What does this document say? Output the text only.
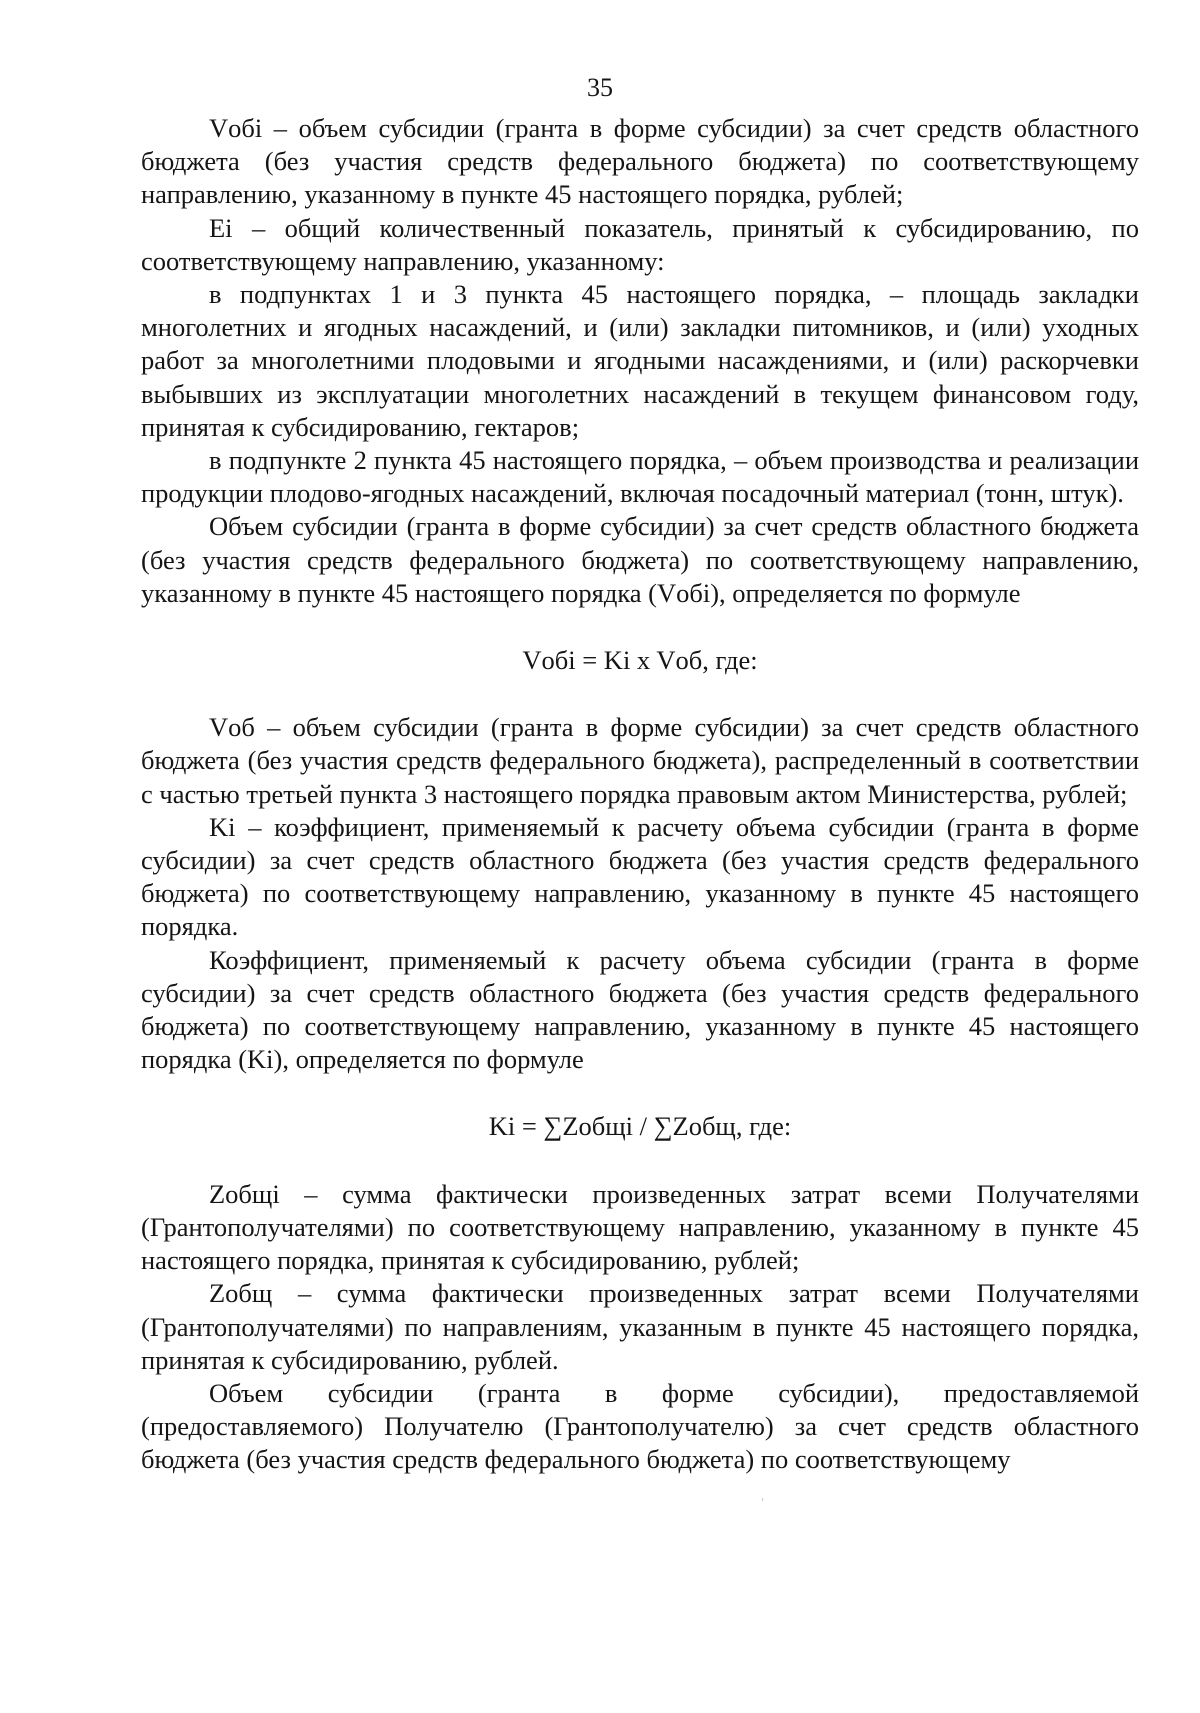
35

Vобi – объем субсидии (гранта в форме субсидии) за счет средств областного бюджета (без участия средств федерального бюджета) по соответствующему направлению, указанному в пункте 45 настоящего порядка, рублей;

Ei – общий количественный показатель, принятый к субсидированию, по соответствующему направлению, указанному:

в подпунктах 1 и 3 пункта 45 настоящего порядка, – площадь закладки многолетних и ягодных насаждений, и (или) закладки питомников, и (или) уходных работ за многолетними плодовыми и ягодными насаждениями, и (или) раскорчевки выбывших из эксплуатации многолетних насаждений в текущем финансовом году, принятая к субсидированию, гектаров;

в подпункте 2 пункта 45 настоящего порядка, – объем производства и реализации продукции плодово-ягодных насаждений, включая посадочный материал (тонн, штук).

Объем субсидии (гранта в форме субсидии) за счет средств областного бюджета (без участия средств федерального бюджета) по соответствующему направлению, указанному в пункте 45 настоящего порядка (Vобi), определяется по формуле

Vобi = Ki x Vоб, где:

Vоб – объем субсидии (гранта в форме субсидии) за счет средств областного бюджета (без участия средств федерального бюджета), распределенный в соответствии с частью третьей пункта 3 настоящего порядка правовым актом Министерства, рублей;

Ki – коэффициент, применяемый к расчету объема субсидии (гранта в форме субсидии) за счет средств областного бюджета (без участия средств федерального бюджета) по соответствующему направлению, указанному в пункте 45 настоящего порядка.

Коэффициент, применяемый к расчету объема субсидии (гранта в форме субсидии) за счет средств областного бюджета (без участия средств федерального бюджета) по соответствующему направлению, указанному в пункте 45 настоящего порядка (Ki), определяется по формуле

Ki = ∑Zобщi / ∑Zобщ, где:

Zобщi – сумма фактически произведенных затрат всеми Получателями (Грантополучателями) по соответствующему направлению, указанному в пункте 45 настоящего порядка, принятая к субсидированию, рублей;

Zобщ – сумма фактически произведенных затрат всеми Получателями (Грантополучателями) по направлениям, указанным в пункте 45 настоящего порядка, принятая к субсидированию, рублей.

Объем субсидии (гранта в форме субсидии), предоставляемой (предоставляемого) Получателю (Грантополучателю) за счет средств областного бюджета (без участия средств федерального бюджета) по соответствующему
